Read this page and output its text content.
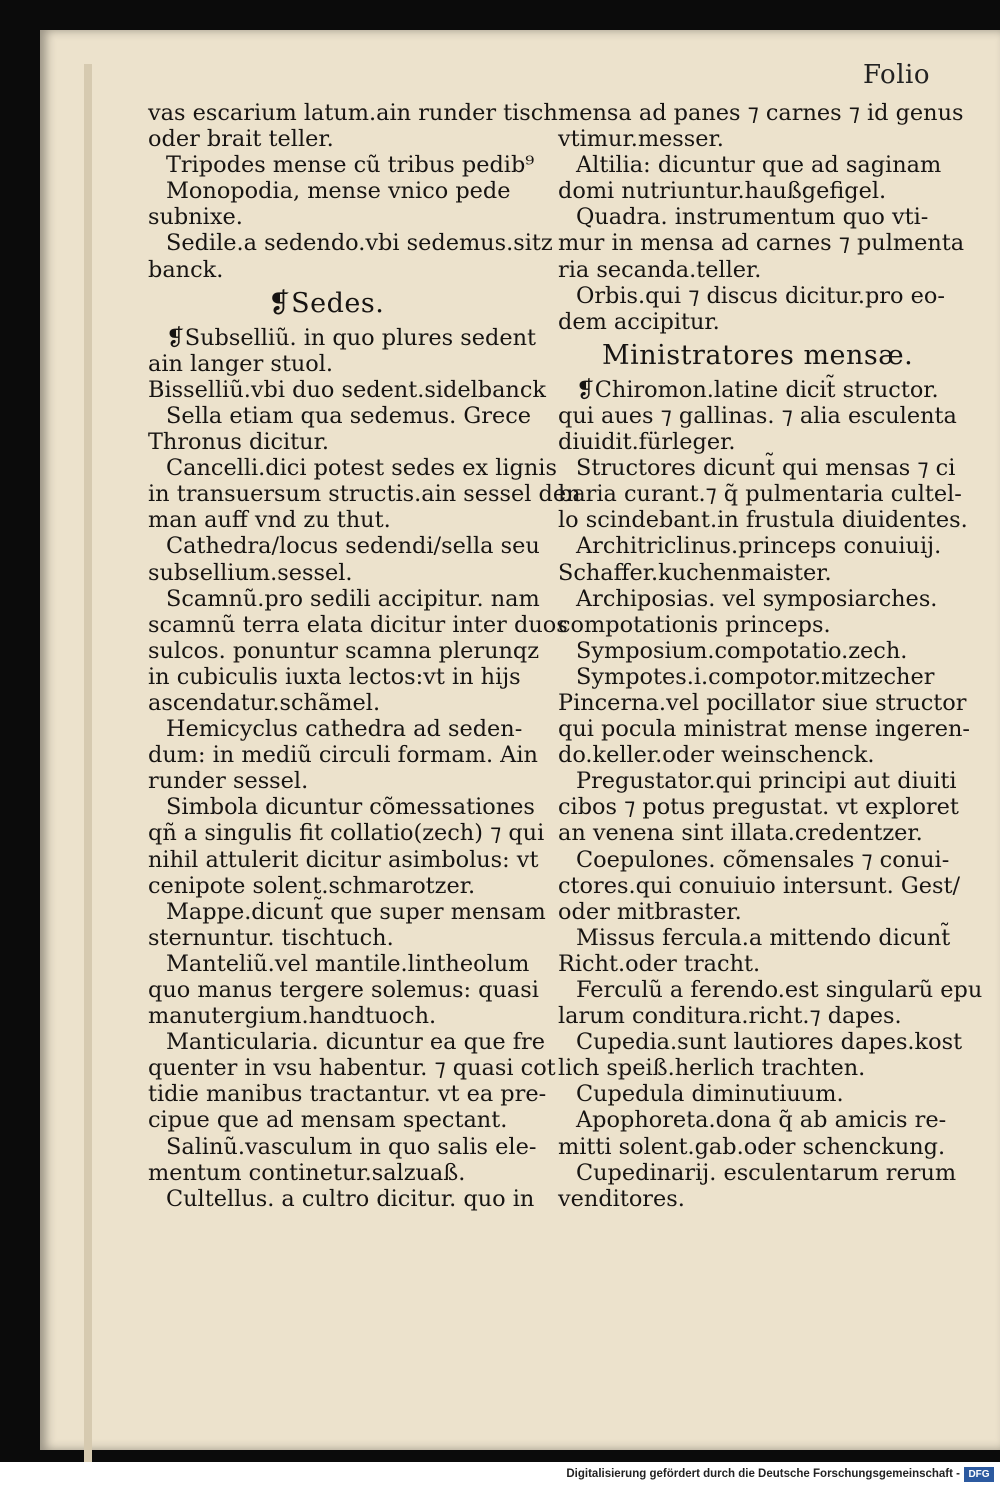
Folio
vas escarium latum.ain runder tisch
oder brait teller.
Tripodes mense cũ tribus pedib⁹
Monopodia, mense vnico pede
subnixe.
Sedile.a sedendo.vbi sedemus.sitz
banck.
❡Sedes.
❡Subselliũ. in quo plures sedent
ain langer stuol.
Bisselliũ.vbi duo sedent.sidelbanck
Sella etiam qua sedemus. Grece
Thronus dicitur.
Cancelli.dici potest sedes ex lignis
in transuersum structis.ain sessel den
man auff vnd zu thut.
Cathedra/locus sedendi/sella seu
subsellium.sessel.
Scamnũ.pro sedili accipitur. nam
scamnũ terra elata dicitur inter duos
sulcos. ponuntur scamna plerunqz
in cubiculis iuxta lectos:vt in hijs
ascendatur.schãmel.
Hemicyclus cathedra ad seden-
dum: in mediũ circuli formam. Ain
runder sessel.
Simbola dicuntur cõmessationes
qñ a singulis fit collatio(zech) ⁊ qui
nihil attulerit dicitur asimbolus: vt
cenipote solent.schmarotzer.
Mappe.dicunt̃ que super mensam
sternuntur. tischtuch.
Manteliũ.vel mantile.lintheolum
quo manus tergere solemus: quasi
manutergium.handtuoch.
Manticularia. dicuntur ea que fre
quenter in vsu habentur. ⁊ quasi cot
tidie manibus tractantur. vt ea pre-
cipue que ad mensam spectant.
Salinũ.vasculum in quo salis ele-
mentum continetur.salzuaß.
Cultellus. a cultro dicitur. quo in
mensa ad panes ⁊ carnes ⁊ id genus
vtimur.messer.
Altilia: dicuntur que ad saginam
domi nutriuntur.haußgefigel.
Quadra. instrumentum quo vti-
mur in mensa ad carnes ⁊ pulmenta
ria secanda.teller.
Orbis.qui ⁊ discus dicitur.pro eo-
dem accipitur.
Ministratores mensæ.
❡Chiromon.latine dicit̃ structor.
qui aues ⁊ gallinas. ⁊ alia esculenta
diuidit.fürleger.
Structores dicunt̃ qui mensas ⁊ ci
baria curant.⁊ q̃ pulmentaria cultel-
lo scindebant.in frustula diuidentes.
Architriclinus.princeps conuiuij.
Schaffer.kuchenmaister.
Archiposias. vel symposiarches.
compotationis princeps.
Symposium.compotatio.zech.
Sympotes.i.compotor.mitzecher
Pincerna.vel pocillator siue structor
qui pocula ministrat mense ingeren-
do.keller.oder weinschenck.
Pregustator.qui principi aut diuiti
cibos ⁊ potus pregustat. vt exploret
an venena sint illata.credentzer.
Coepulones. cõmensales ⁊ conui-
ctores.qui conuiuio intersunt. Gest/
oder mitbraster.
Missus fercula.a mittendo dicunt̃
Richt.oder tracht.
Ferculũ a ferendo.est singularũ epu
larum conditura.richt.⁊ dapes.
Cupedia.sunt lautiores dapes.kost
lich speiß.herlich trachten.
Cupedula diminutiuum.
Apophoreta.dona q̃ ab amicis re-
mitti solent.gab.oder schenckung.
Cupedinarij. esculentarum rerum
venditores.
Digitalisierung gefördert durch die Deutsche Forschungsgemeinschaft - DFG
